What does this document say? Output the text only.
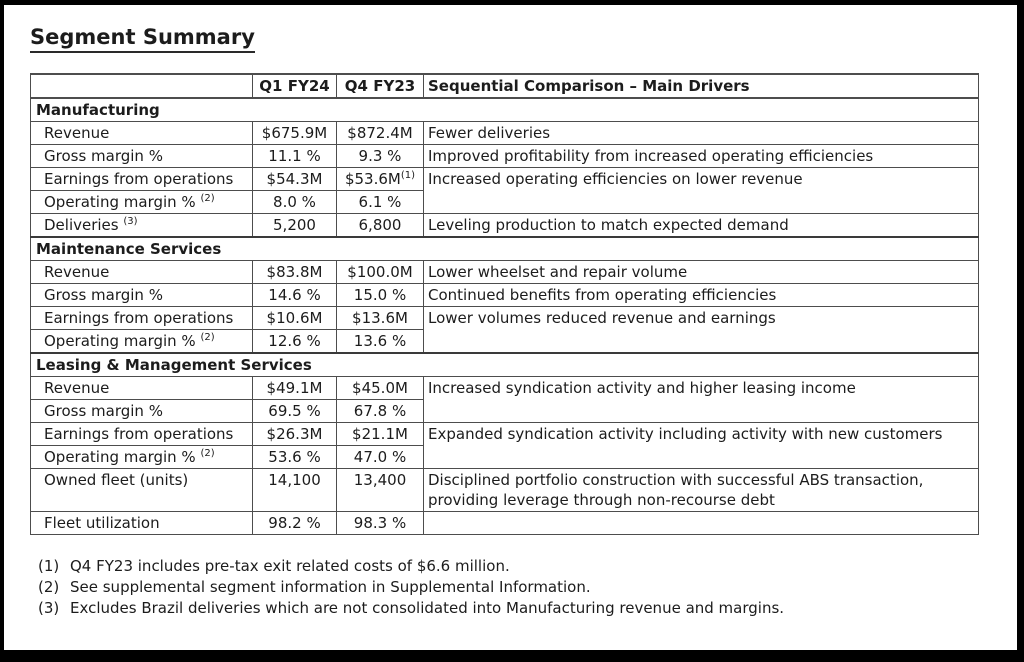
Segment Summary
	Q1 FY24	Q4 FY23	Sequential Comparison – Main Drivers
Manufacturing			
Revenue	$675.9M	$872.4M	Fewer deliveries
Gross margin %	11.1 %	9.3 %	Improved profitability from increased operating efficiencies
Earnings from operations	$54.3M	$\$53.6M^{(1)}$	Increased operating efficiencies on lower revenue
Operating margin % $^{(2)}$	8.0 %	6.1 %	
Deliveries $^{(3)}$	5,200	6,800	Leveling production to match expected demand
Maintenance Services			
Revenue	$83.8M	$100.0M	Lower wheelset and repair volume
Gross margin %	14.6 %	15.0 %	Continued benefits from operating efficiencies
Earnings from operations	$10.6M	$13.6M	Lower volumes reduced revenue and earnings
Operating margin % $^{(2)}$	12.6 %	13.6 %	
Leasing & Management Services			
Revenue	$49.1M	$45.0M	Increased syndication activity and higher leasing income
Gross margin %	69.5 %	67.8 %	
Earnings from operations	$26.3M	$21.1M	Expanded syndication activity including activity with new customers
Operating margin % $^{(2)}$	53.6 %	47.0 %	
Owned fleet (units)	14,100	13,400	Disciplined portfolio construction with successful ABS transaction, providing leverage through non-recourse debt
Fleet utilization	98.2 %	98.3 %	
(1) Q4 FY23 includes pre-tax exit related costs of $6.6 million.
(2) See supplemental segment information in Supplemental Information.
(3) Excludes Brazil deliveries which are not consolidated into Manufacturing revenue and margins.
